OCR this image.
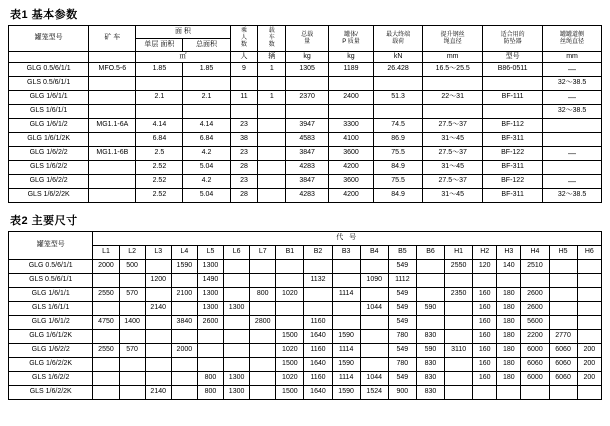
表1 基本参数
罐笼型号	矿 车	面 积		乘
人
数	载
车
数	总载
量	罐体/
P 质量	最大终端
载荷	提升钢丝
绳直径	适合用的
防坠器	罐罐道侧
丝绳直径
		单层 面积	总面积								
		㎡		人	辆	kg	kg	kN	mm	型号	mm
GLG 0.5/6/1/1	MFO.5-6	1.85	1.85	9	1	1305	1189	26.428	16.5～25.5	B86-0511	—
GLS 0.5/6/1/1											32～38.5
GLG 1/6/1/1		2.1	2.1	11	1	2370	2400	51.3	22～31	BF-111	—
GLS 1/6/1/1											32～38.5
GLG 1/6/1/2	MG1.1-6A	4.14	4.14	23		3947	3300	74.5	27.5～37	BF-112	
GLG 1/6/1/2K		6.84	6.84	38		4583	4100	86.9	31～45	BF-311	
GLG 1/6/2/2	MG1.1-6B	2.5	4.2	23		3847	3600	75.5	27.5～37	BF-122	—
GLS 1/6/2/2		2.52	5.04	28		4283	4200	84.9	31～45	BF-311	
GLG 1/6/2/2		2.52	4.2	23		3847	3600	75.5	27.5～37	BF-122	—
GLS 1/6/2/2K		2.52	5.04	28		4283	4200	84.9	31～45	BF-311	32～38.5
表2 主要尺寸
罐笼型号	代 号																		
	L1	L2	L3	L4	L5	L6	L7	B1	B2	B3	B4	B5	B6	H1	H2	H3	H4	H5	H6
GLG 0.5/6/1/1	2000	500		1590	1300							549		2550	120	140	2510		
GLS 0.5/6/1/1			1200		1490				1132		1090	1112							
GLG 1/6/1/1	2550	570		2100	1300		800	1020		1114		549		2350	160	180	2600		
GLS 1/6/1/1			2140		1300	1300					1044	549	590		160	180	2600		
GLG 1/6/1/2	4750	1400		3840	2600		2800		1160			549			160	180	5600		
GLG 1/6/1/2K								1500	1640	1590		780	830		160	180	2200	2770	
GLG 1/6/2/2	2550	570		2000				1020	1160	1114		549	590	3110	160	180	6000	6060	200
GLG 1/6/2/2K								1500	1640	1590		780	830		160	180	6060	6060	200
GLS 1/6/2/2					800	1300		1020	1160	1114	1044	549	830		160	180	6000	6060	200
GLS 1/6/2/2K			2140		800	1300		1500	1640	1590	1524	900	830						
